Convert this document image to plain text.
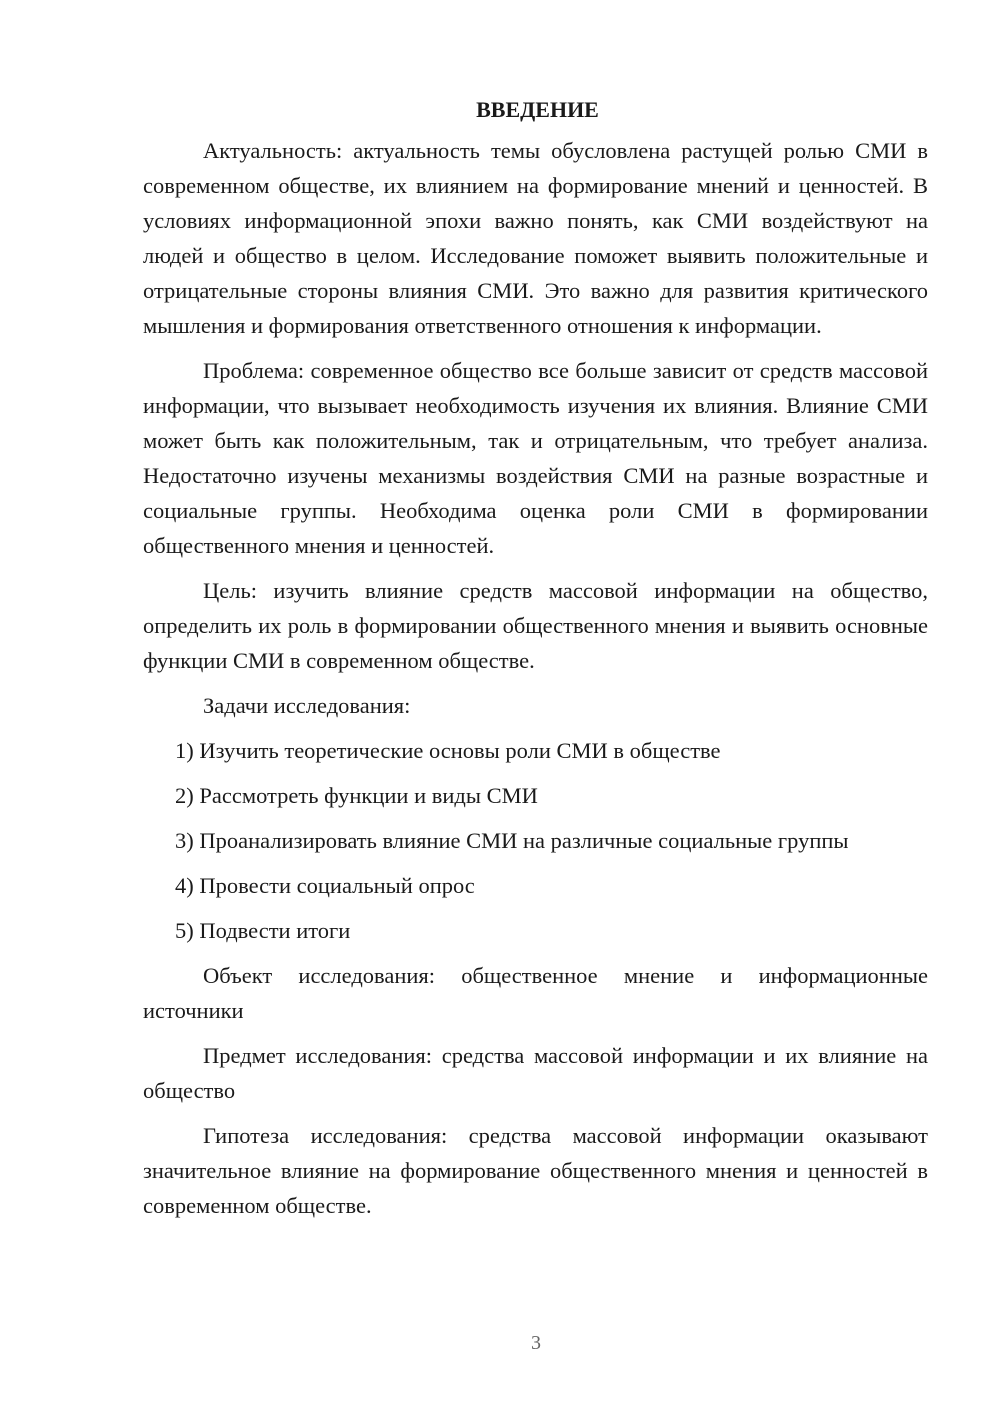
ВВЕДЕНИЕ

Актуальность: актуальность темы обусловлена растущей ролью СМИ в современном обществе, их влиянием на формирование мнений и ценностей. В условиях информационной эпохи важно понять, как СМИ воздействуют на людей и общество в целом. Исследование поможет выявить положительные и отрицательные стороны влияния СМИ. Это важно для развития критического мышления и формирования ответственного отношения к информации.

Проблема: современное общество все больше зависит от средств массовой информации, что вызывает необходимость изучения их влияния. Влияние СМИ может быть как положительным, так и отрицательным, что требует анализа. Недостаточно изучены механизмы воздействия СМИ на разные возрастные и социальные группы. Необходима оценка роли СМИ в формировании общественного мнения и ценностей.

Цель: изучить влияние средств массовой информации на общество, определить их роль в формировании общественного мнения и выявить основные функции СМИ в современном обществе.

Задачи исследования:

1) Изучить теоретические основы роли СМИ в обществе
2) Рассмотреть функции и виды СМИ
3) Проанализировать влияние СМИ на различные социальные группы
4) Провести социальный опрос
5) Подвести итоги

Объект исследования: общественное мнение и информационные источники

Предмет исследования: средства массовой информации и их влияние на общество

Гипотеза исследования: средства массовой информации оказывают значительное влияние на формирование общественного мнения и ценностей в современном обществе.

3
